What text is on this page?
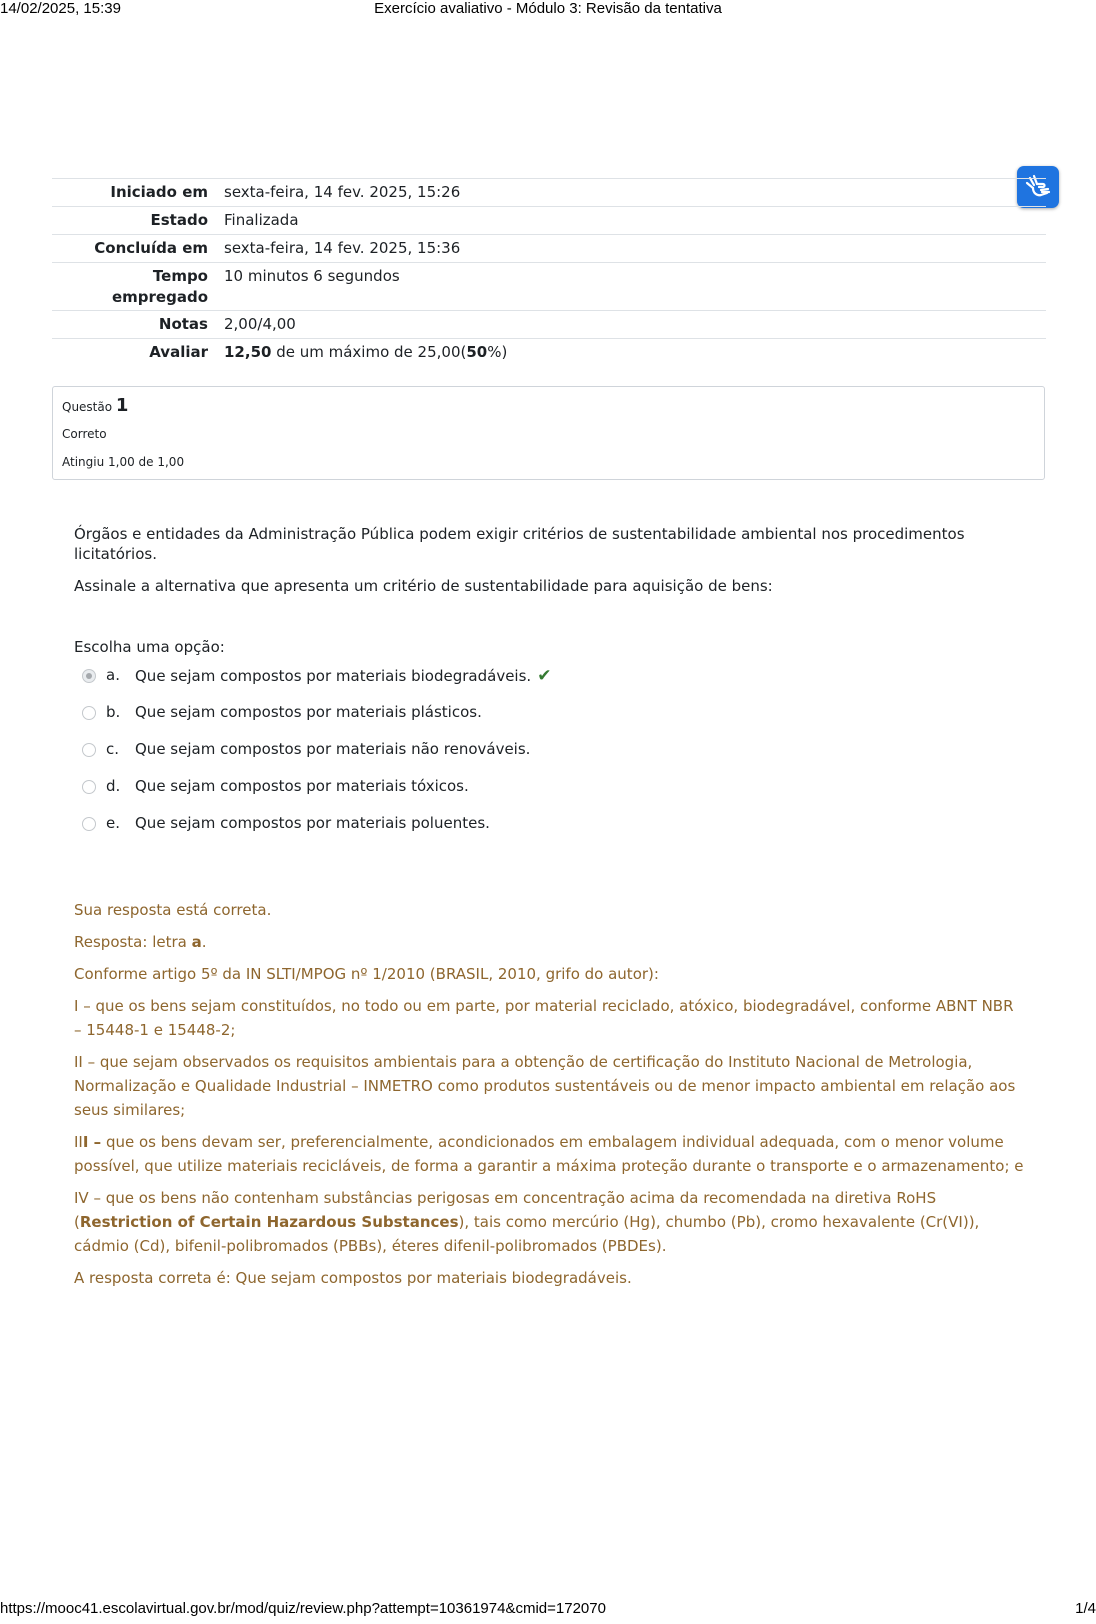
14/02/2025, 15:39	Exercício avaliativo - Módulo 3: Revisão da tentativa
Iniciado em	sexta-feira, 14 fev. 2025, 15:26
Estado	Finalizada
Concluída em	sexta-feira, 14 fev. 2025, 15:36
Tempo
empregado	10 minutos 6 segundos
Notas	2,00/4,00
Avaliar	12,50 de um máximo de 25,00(50%)
Questão 1
Correto
Atingiu 1,00 de 1,00

Órgãos e entidades da Administração Pública podem exigir critérios de sustentabilidade ambiental nos procedimentos licitatórios.

Assinale a alternativa que apresenta um critério de sustentabilidade para aquisição de bens:

Escolha uma opção:
a. Que sejam compostos por materiais biodegradáveis. ✔
b. Que sejam compostos por materiais plásticos.
c. Que sejam compostos por materiais não renováveis.
d. Que sejam compostos por materiais tóxicos.
e. Que sejam compostos por materiais poluentes.

Sua resposta está correta.

Resposta: letra a.

Conforme artigo 5º da IN SLTI/MPOG nº 1/2010 (BRASIL, 2010, grifo do autor):

I – que os bens sejam constituídos, no todo ou em parte, por material reciclado, atóxico, biodegradável, conforme ABNT NBR – 15448-1 e 15448-2;

II – que sejam observados os requisitos ambientais para a obtenção de certificação do Instituto Nacional de Metrologia, Normalização e Qualidade Industrial – INMETRO como produtos sustentáveis ou de menor impacto ambiental em relação aos seus similares;

III – que os bens devam ser, preferencialmente, acondicionados em embalagem individual adequada, com o menor volume possível, que utilize materiais recicláveis, de forma a garantir a máxima proteção durante o transporte e o armazenamento; e

IV – que os bens não contenham substâncias perigosas em concentração acima da recomendada na diretiva RoHS (Restriction of Certain Hazardous Substances), tais como mercúrio (Hg), chumbo (Pb), cromo hexavalente (Cr(VI)), cádmio (Cd), bifenil-polibromados (PBBs), éteres difenil-polibromados (PBDEs).

A resposta correta é: Que sejam compostos por materiais biodegradáveis.

https://mooc41.escolavirtual.gov.br/mod/quiz/review.php?attempt=10361974&cmid=172070	1/4
